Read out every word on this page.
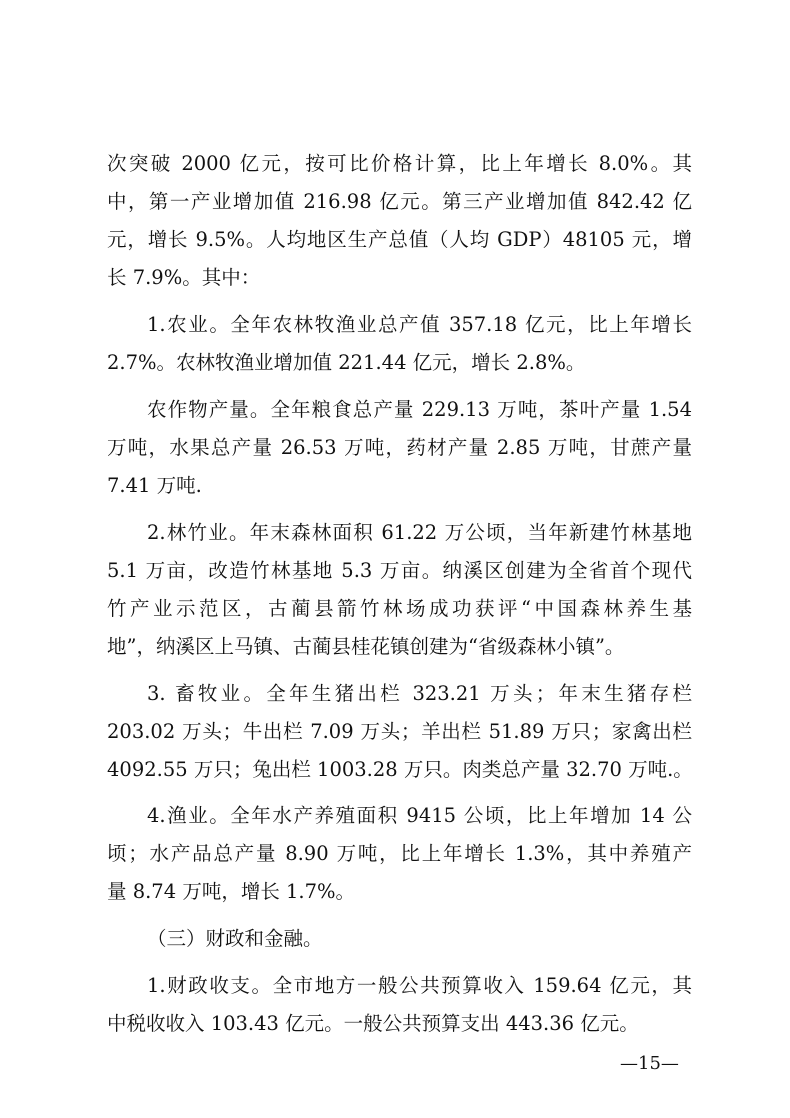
次突破 2000 亿元，按可比价格计算，比上年增长 8.0%。其
中，第一产业增加值 216.98 亿元。第三产业增加值 842.42 亿
元，增长 9.5%。人均地区生产总值（人均 GDP）48105 元，增
长 7.9%。其中：
1.农业。全年农林牧渔业总产值 357.18 亿元，比上年增长
2.7%。农林牧渔业增加值 221.44 亿元，增长 2.8%。
农作物产量。全年粮食总产量 229.13 万吨，茶叶产量 1.54
万吨，水果总产量 26.53 万吨，药材产量 2.85 万吨，甘蔗产量
7.41 万吨.
2.林竹业。年末森林面积 61.22 万公顷，当年新建竹林基地
5.1 万亩，改造竹林基地 5.3 万亩。纳溪区创建为全省首个现代
竹产业示范区，古蔺县箭竹林场成功获评“中国森林养生基
地”，纳溪区上马镇、古蔺县桂花镇创建为“省级森林小镇”。
3. 畜牧业。全年生猪出栏 323.21 万头；年末生猪存栏
203.02 万头；牛出栏 7.09 万头；羊出栏 51.89 万只；家禽出栏
4092.55 万只；兔出栏 1003.28 万只。肉类总产量 32.70 万吨.。
4.渔业。全年水产养殖面积 9415 公顷，比上年增加 14 公
顷；水产品总产量 8.90 万吨，比上年增长 1.3%，其中养殖产
量 8.74 万吨，增长 1.7%。
（三）财政和金融。
1.财政收支。全市地方一般公共预算收入 159.64 亿元，其
中税收收入 103.43 亿元。一般公共预算支出 443.36 亿元。
—15—
